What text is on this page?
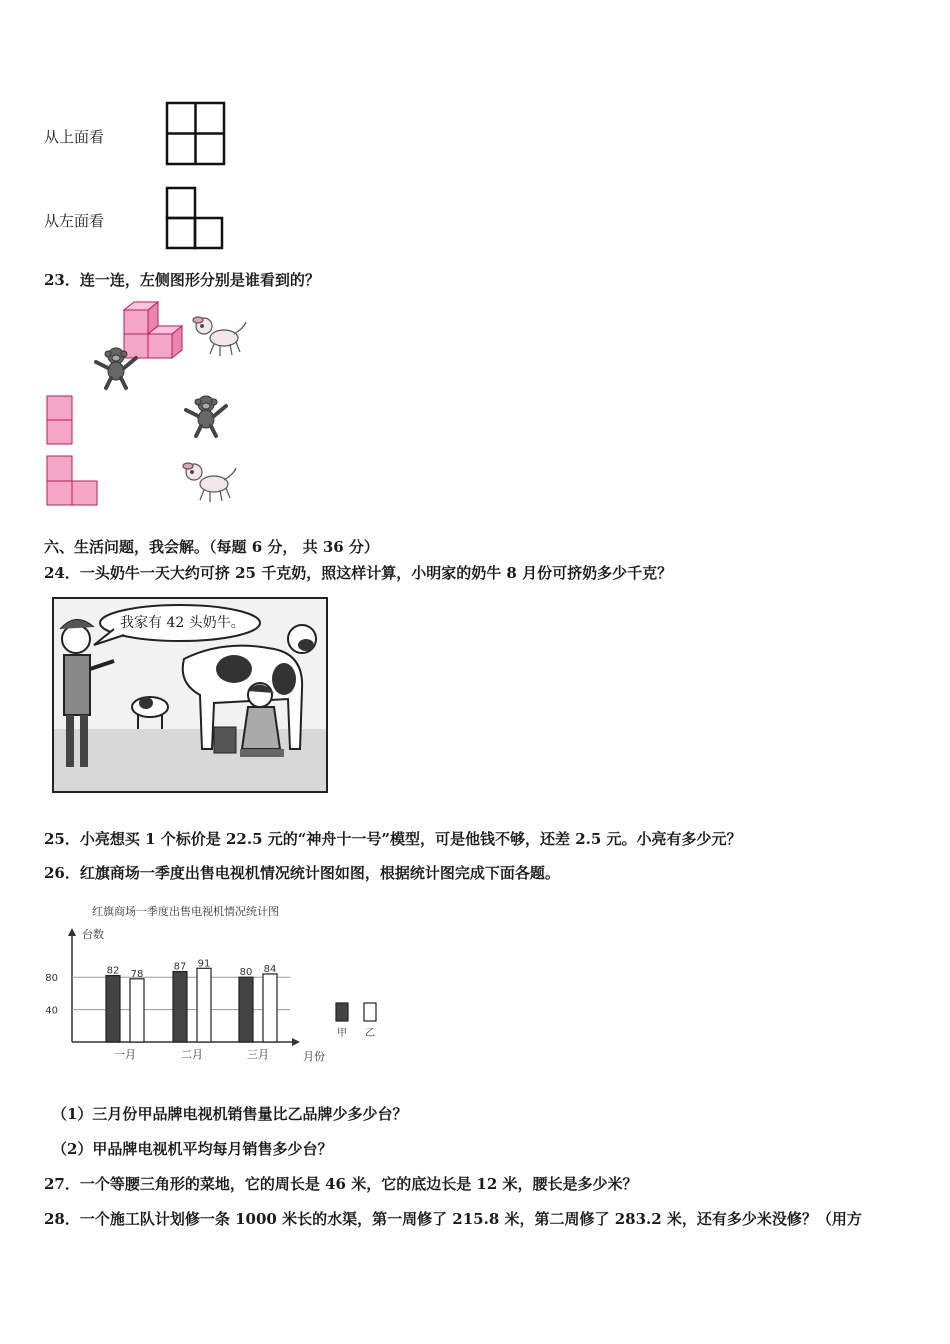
从上面看
从左面看
23．连一连，左侧图形分别是谁看到的？
六、生活问题，我会解。（每题 6 分， 共 36 分）
24．一头奶牛一天大约可挤 25 千克奶，照这样计算，小明家的奶牛 8 月份可挤奶多少千克？
我家有 42 头奶牛。
25．小亮想买 1 个标价是 22.5 元的“神舟十一号”模型，可是他钱不够，还差 2.5 元。小亮有多少元？
26．红旗商场一季度出售电视机情况统计图如图，根据统计图完成下面各题。
红旗商场一季度出售电视机情况统计图
台数
月份
40
80
82 78
一月
87 91
二月
80 84
三月
甲 乙
（1）三月份甲品牌电视机销售量比乙品牌少多少台？
（2）甲品牌电视机平均每月销售多少台？
27．一个等腰三角形的菜地，它的周长是 46 米，它的底边长是 12 米，腰长是多少米？
28．一个施工队计划修一条 1000 米长的水渠，第一周修了 215.8 米，第二周修了 283.2 米，还有多少米没修？（用方
